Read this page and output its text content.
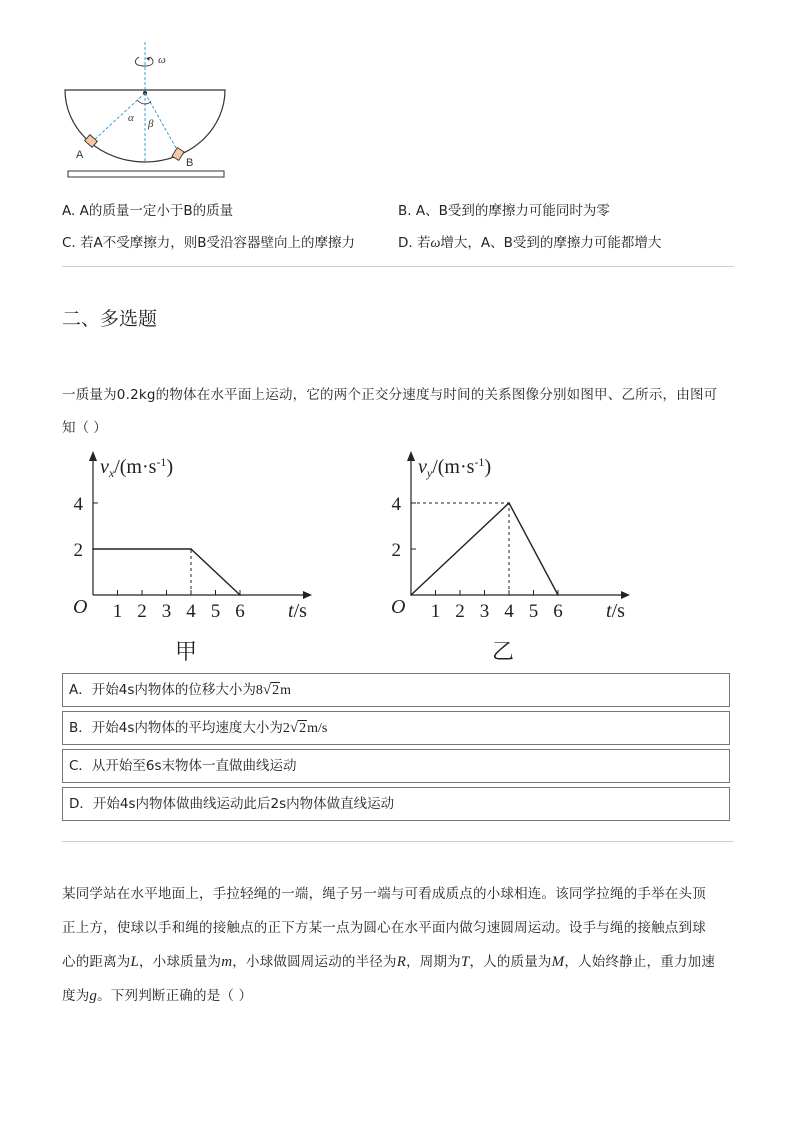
ω
α β
A
B
A. A的质量一定小于B的质量	B. A、B受到的摩擦力可能同时为零
C. 若A不受摩擦力，则B受沿容器壁向上的摩擦力	D. 若ω增大，A、B受到的摩擦力可能都增大
二、多选题
一质量为0.2kg的物体在水平面上运动，它的两个正交分速度与时间的关系图像分别如图甲、乙所示，由图可
知（ ）
1 2 3 4 5 6
2
4
O
$v_x/(m\cdot s^{-1})$
t/s
甲
1 2 3 4 5 6
2
4
O
$v_y/(m\cdot s^{-1})$
t/s
乙
A．开始4s内物体的位移大小为8√2m
B．开始4s内物体的平均速度大小为2√2m/s
C．从开始至6s末物体一直做曲线运动
D．开始4s内物体做曲线运动此后2s内物体做直线运动
某同学站在水平地面上，手拉轻绳的一端，绳子另一端与可看成质点的小球相连。该同学拉绳的手举在头顶
正上方，使球以手和绳的接触点的正下方某一点为圆心在水平面内做匀速圆周运动。设手与绳的接触点到球
心的距离为L，小球质量为m，小球做圆周运动的半径为R，周期为T，人的质量为M，人始终静止，重力加速
度为g。下列判断正确的是（ ）
